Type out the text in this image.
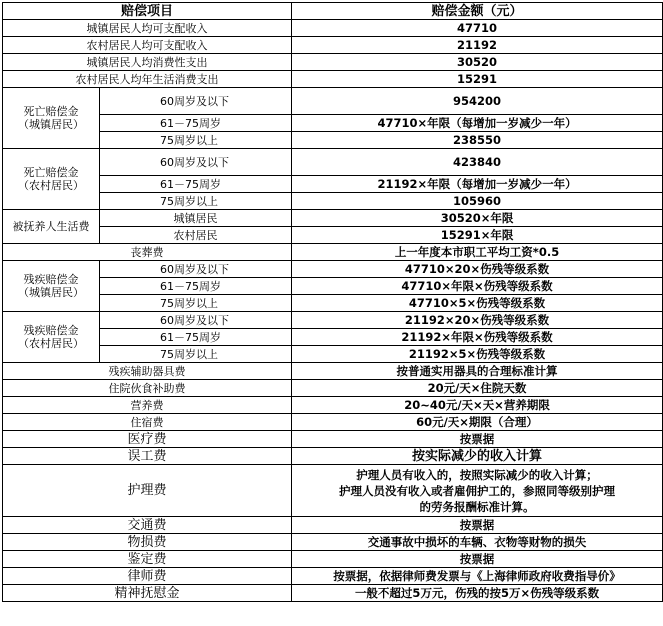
赔偿项目		赔偿金额（元）
城镇居民人均可支配收入		47710
农村居民人均可支配收入		21192
城镇居民人均消费性支出		30520
农村居民人均年生活消费支出		15291
死亡赔偿金
（城镇居民）	60周岁及以下	954200
	61－75周岁	47710×年限（每增加一岁减少一年）
	75周岁以上	238550
死亡赔偿金
（农村居民）	60周岁及以下	423840
	61－75周岁	21192×年限（每增加一岁减少一年）
	75周岁以上	105960
被抚养人生活费	城镇居民	30520×年限
	农村居民	15291×年限
丧葬费		上一年度本市职工平均工资*0.5
残疾赔偿金
（城镇居民）	60周岁及以下	47710×20×伤残等级系数
	61－75周岁	47710×年限×伤残等级系数
	75周岁以上	47710×5×伤残等级系数
残疾赔偿金
（农村居民）	60周岁及以下	21192×20×伤残等级系数
	61－75周岁	21192×年限×伤残等级系数
	75周岁以上	21192×5×伤残等级系数
残疾辅助器具费		按普通实用器具的合理标准计算
住院伙食补助费		20元/天×住院天数
营养费		20~40元/天×天×营养期限
住宿费		60元/天×期限（合理）
医疗费		按票据
误工费		按实际减少的收入计算
护理费		护理人员有收入的，按照实际减少的收入计算；
护理人员没有收入或者雇佣护工的，参照同等级别护理
的劳务报酬标准计算。

交通费		按票据
物损费		交通事故中损坏的车辆、衣物等财物的损失
鉴定费		按票据
律师费		按票据，依据律师费发票与《上海律师政府收费指导价》
精神抚慰金		一般不超过5万元，伤残的按5万×伤残等级系数
